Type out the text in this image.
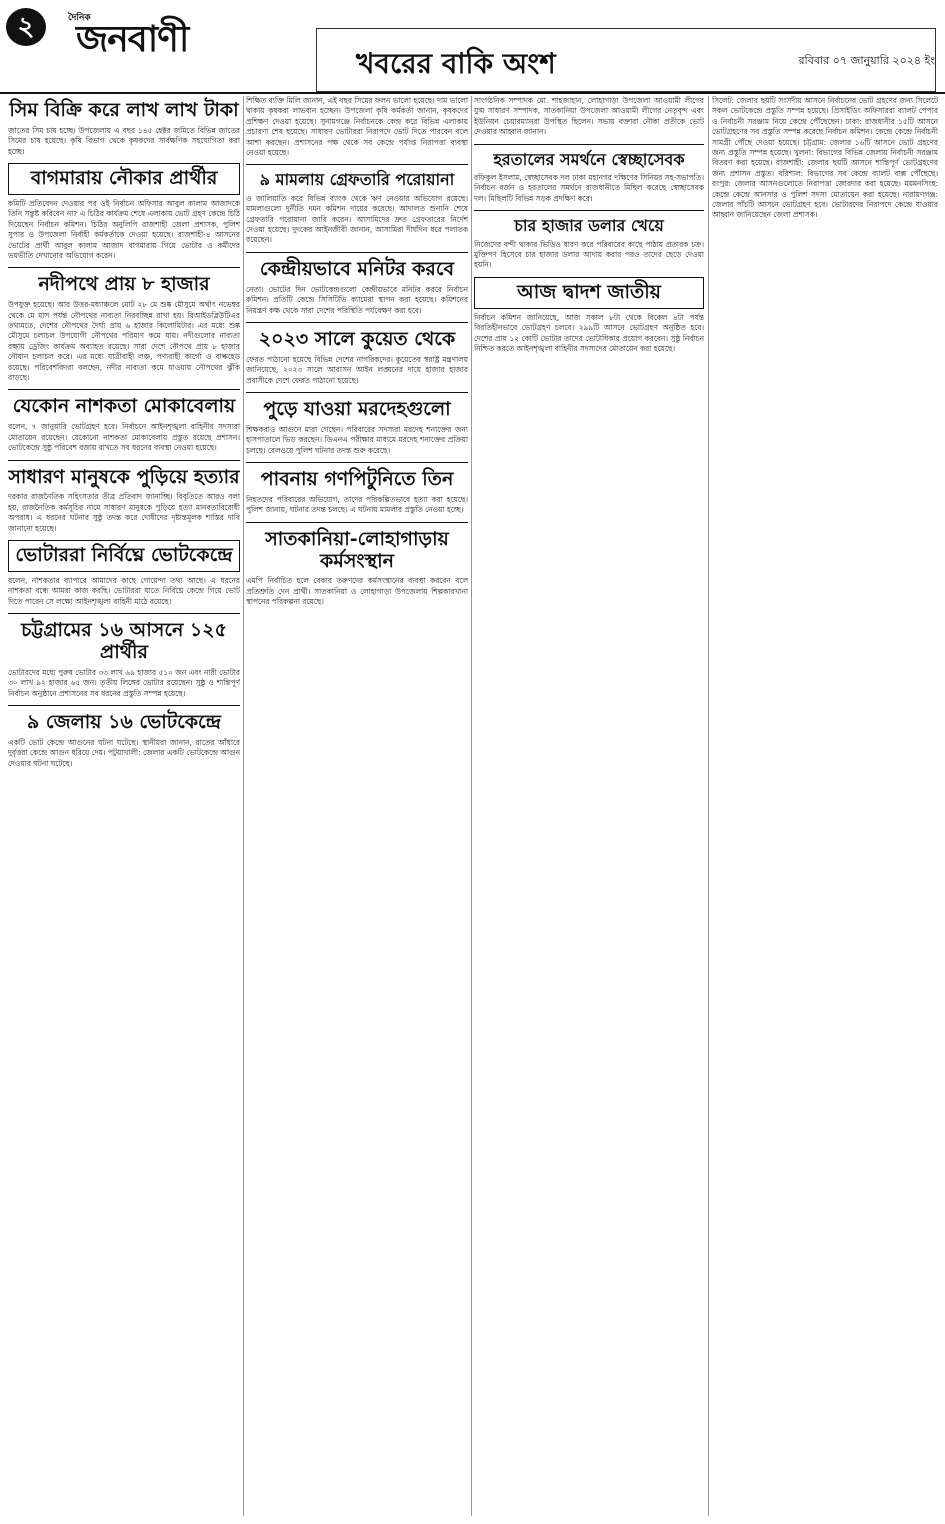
২	দৈনিক
জনবাণী
খবরের বাকি অংশ	রবিবার ০৭ জানুয়ারি ২০২৪ ইং
সিম বিক্রি করে লাখ লাখ টাকা
জাতের সিম চাষ হচ্ছে। উপজেলায় এ বছর ১৪৫ হেক্টর জমিতে বিভিন্ন জাতের সিমের চাষ হয়েছে। কৃষি বিভাগ থেকে কৃষকদের সার্বক্ষণিক সহযোগিতা করা হচ্ছে।
বাগমারায় নৌকার প্রার্থীর
কমিটি প্রতিবেদন দেওয়ার পর ওই নির্বাচন অফিসার আবুল কালাম আজাদকে তিনি সন্তুষ্ট করিবেন না? এ চিঠির কার্যক্রম শেষে এলাকায় ভোট গ্রহণ কেন্দ্রে চিঠি দিয়েছেন নির্বাচন কমিশন। চিঠির অনুলিপি রাজশাহী জেলা প্রশাসক, পুলিশ সুপার ও উপজেলা নির্বাহী কর্মকর্তাকে দেওয়া হয়েছে। রাজশাহী-৪ আসনের ভোটের প্রার্থী আবুল কালাম আজাদ বাগমারায় গিয়ে ভোটার ও কর্মীদের ভয়ভীতি দেখানোর অভিযোগ করেন।
নদীপথে প্রায় ৮ হাজার
উপযুক্ত হয়েছে। আর উত্তর-মধ্যাঞ্চলে মোট ২৮ মে শুষ্ক মৌসুমে অর্থাৎ নভেম্বর থেকে মে মাস পর্যন্ত নৌপথের নাব্যতা নিরবচ্ছিন্ন রাখা হয়। বিআইডব্লিউটিএর তথ্যমতে, দেশের নৌপথের দৈর্ঘ্য প্রায় ৬ হাজার কিলোমিটার। এর মধ্যে শুষ্ক মৌসুমে চলাচল উপযোগী নৌপথের পরিমাণ কমে যায়। নদীগুলোর নাব্যতা রক্ষায় ড্রেজিং কার্যক্রম অব্যাহত রয়েছে। সারা দেশে নৌপথে প্রায় ৮ হাজার নৌযান চলাচল করে। এর মধ্যে যাত্রীবাহী লঞ্চ, পণ্যবাহী কার্গো ও বাল্কহেড রয়েছে। পরিবেশবিদরা বলছেন, নদীর নাব্যতা কমে যাওয়ায় নৌপথের ঝুঁকি বাড়ছে।
যেকোন নাশকতা মোকাবেলায়
বলেন, ৭ জানুয়ারি ভোটগ্রহণ হবে। নির্বাচনে আইনশৃঙ্খলা বাহিনীর সদস্যরা মোতায়েন রয়েছেন। যেকোনো নাশকতা মোকাবেলায় প্রস্তুত রয়েছে প্রশাসন। ভোটকেন্দ্রে সুষ্ঠু পরিবেশ বজায় রাখতে সব ধরনের ব্যবস্থা নেওয়া হয়েছে।
সাধারণ মানুষকে পুড়িয়ে হত্যার
দরকার রাজনৈতিক সহিংসতার তীব্র প্রতিবাদ জানাচ্ছি। বিবৃতিতে আরও বলা হয়, রাজনৈতিক কর্মসূচির নামে সাধারণ মানুষকে পুড়িয়ে হত্যা মানবতাবিরোধী অপরাধ। এ ধরনের ঘটনার সুষ্ঠু তদন্ত করে দোষীদের দৃষ্টান্তমূলক শাস্তির দাবি জানানো হয়েছে।
ভোটাররা নির্বিঘ্নে ভোটকেন্দ্রে
বলেন, নাশকতার ব্যাপারে আমাদের কাছে গোয়েন্দা তথ্য আছে। এ ধরনের নাশকতা বন্ধে আমরা কাজ করছি। ভোটাররা যাতে নির্বিঘ্নে কেন্দ্রে গিয়ে ভোট দিতে পারেন সে লক্ষ্যে আইনশৃঙ্খলা বাহিনী মাঠে রয়েছে।
চট্টগ্রামের ১৬ আসনে ১২৫ প্রার্থীর
ভোটারদের মধ্যে পুরুষ ভোটার ৩৩ লাখ ৬৯ হাজার ৫১০ জন এবং নারী ভোটার ৩০ লাখ ৯২ হাজার ৬৫ জন। তৃতীয় লিঙ্গের ভোটার রয়েছেন। সুষ্ঠু ও শান্তিপূর্ণ নির্বাচন অনুষ্ঠানে প্রশাসনের সব ধরনের প্রস্তুতি সম্পন্ন হয়েছে।
৯ জেলায় ১৬ ভোটকেন্দ্রে
একটি ভোট কেন্দ্রে আগুনের ঘটনা ঘটেছে। স্থানীয়রা জানান, রাতের আঁধারে দুর্বৃত্তরা কেন্দ্রে আগুন ধরিয়ে দেয়। পটুয়াখালী: জেলার একটি ভোটকেন্দ্রে আগুন দেওয়ার ঘটনা ঘটেছে।
শিক্ষিত ব্যক্তি মিলি জানান, এই বছর সিমের ফলন ভালো হয়েছে। দাম ভালো থাকায় কৃষকরা লাভবান হচ্ছেন। উপজেলা কৃষি কর্মকর্তা জানান, কৃষকদের প্রশিক্ষণ দেওয়া হয়েছে। সুনামগঞ্জে নির্বাচনকে কেন্দ্র করে বিভিন্ন এলাকায় প্রচারণা শেষ হয়েছে। সাধারণ ভোটাররা নিরাপদে ভোট দিতে পারবেন বলে আশা করছেন। প্রশাসনের পক্ষ থেকে সব কেন্দ্রে পর্যাপ্ত নিরাপত্তা ব্যবস্থা নেওয়া হয়েছে।
৯ মামলায় গ্রেফতারি পরোয়ানা
ও জালিয়াতি করে বিভিন্ন ব্যাংক থেকে ঋণ নেওয়ার অভিযোগ রয়েছে। মামলাগুলো দুর্নীতি দমন কমিশন দায়ের করেছে। আদালত শুনানি শেষে গ্রেফতারি পরোয়ানা জারি করেন। আসামিদের দ্রুত গ্রেফতারের নির্দেশ দেওয়া হয়েছে। দুদকের আইনজীবী জানান, আসামিরা দীর্ঘদিন ধরে পলাতক রয়েছেন।
কেন্দ্রীয়ভাবে মনিটর করবে
নেতা। ভোটের দিন ভোটকেন্দ্রগুলো কেন্দ্রীয়ভাবে মনিটর করবে নির্বাচন কমিশন। প্রতিটি কেন্দ্রে সিসিটিভি ক্যামেরা স্থাপন করা হয়েছে। কমিশনের নিয়ন্ত্রণ কক্ষ থেকে সারা দেশের পরিস্থিতি পর্যবেক্ষণ করা হবে।
২০২৩ সালে কুয়েত থেকে
ফেরত পাঠানো হয়েছে বিভিন্ন দেশের নাগরিকদের। কুয়েতের স্বরাষ্ট্র মন্ত্রণালয় জানিয়েছে, ২০২৩ সালে আবাসন আইন লঙ্ঘনের দায়ে হাজার হাজার প্রবাসীকে দেশে ফেরত পাঠানো হয়েছে।
পুড়ে যাওয়া মরদেহগুলো
শিক্ষকরাও আগুনে মারা গেছেন। পরিবারের সদস্যরা মরদেহ শনাক্তের জন্য হাসপাতালে ভিড় করছেন। ডিএনএ পরীক্ষার মাধ্যমে মরদেহ শনাক্তের প্রক্রিয়া চলছে। রেলওয়ে পুলিশ ঘটনার তদন্ত শুরু করেছে।
পাবনায় গণপিটুনিতে তিন
নিহতদের পরিবারের অভিযোগ, তাদের পরিকল্পিতভাবে হত্যা করা হয়েছে। পুলিশ জানায়, ঘটনার তদন্ত চলছে। এ ঘটনায় মামলার প্রস্তুতি নেওয়া হচ্ছে।
সাতকানিয়া-লোহাগাড়ায় কর্মসংস্থান
এমপি নির্বাচিত হলে বেকার তরুণদের কর্মসংস্থানের ব্যবস্থা করবেন বলে প্রতিশ্রুতি দেন প্রার্থী। সাতকানিয়া ও লোহাগাড়া উপজেলায় শিল্পকারখানা স্থাপনের পরিকল্পনা রয়েছে।
সাংগঠনিক সম্পাদক মো. শাহজাহান, লোহাগাড়া উপজেলা আওয়ামী লীগের যুগ্ম সাধারণ সম্পাদক, সাতকানিয়া উপজেলা আওয়ামী লীগের নেতৃবৃন্দ এবং ইউনিয়ন চেয়ারম্যানরা উপস্থিত ছিলেন। সভায় বক্তারা নৌকা প্রতীকে ভোট দেওয়ার আহ্বান জানান।
হরতালের সমর্থনে স্বেচ্ছাসেবক
রফিকুল ইসলাম, স্বেচ্ছাসেবক দল ঢাকা মহানগর দক্ষিণের সিনিয়র সহ-সভাপতি। নির্বাচন বর্জন ও হরতালের সমর্থনে রাজধানীতে মিছিল করেছে স্বেচ্ছাসেবক দল। মিছিলটি বিভিন্ন সড়ক প্রদক্ষিণ করে।
চার হাজার ডলার খেয়ে
নিজেদের বন্দী থাকার ভিডিও ধারণ করে পরিবারের কাছে পাঠায় প্রতারক চক্র। মুক্তিপণ হিসেবে চার হাজার ডলার আদায় করার পরও তাদের ছেড়ে দেওয়া হয়নি।
আজ দ্বাদশ জাতীয়
নির্বাচন কমিশন জানিয়েছে, আজ সকাল ৮টা থেকে বিকেল ৪টা পর্যন্ত বিরতিহীনভাবে ভোটগ্রহণ চলবে। ২৯৯টি আসনে ভোটগ্রহণ অনুষ্ঠিত হবে। দেশের প্রায় ১২ কোটি ভোটার তাদের ভোটাধিকার প্রয়োগ করবেন। সুষ্ঠু নির্বাচন নিশ্চিত করতে আইনশৃঙ্খলা বাহিনীর সদস্যদের মোতায়েন করা হয়েছে।
সিলেট: জেলার ছয়টি সংসদীয় আসনে নির্বাচনের ভোট গ্রহণের জন্য সিলেটে সকল ভোটকেন্দ্রে প্রস্তুতি সম্পন্ন হয়েছে। প্রিসাইডিং অফিসাররা ব্যালট পেপার ও নির্বাচনী সরঞ্জাম নিয়ে কেন্দ্রে পৌঁছেছেন। ঢাকা: রাজধানীর ১৫টি আসনে ভোটগ্রহণের সব প্রস্তুতি সম্পন্ন করেছে নির্বাচন কমিশন। কেন্দ্রে কেন্দ্রে নির্বাচনী সামগ্রী পৌঁছে দেওয়া হয়েছে। চট্টগ্রাম: জেলার ১৬টি আসনে ভোট গ্রহণের জন্য প্রস্তুতি সম্পন্ন হয়েছে। খুলনা: বিভাগের বিভিন্ন জেলায় নির্বাচনী সরঞ্জাম বিতরণ করা হয়েছে। রাজশাহী: জেলার ছয়টি আসনে শান্তিপূর্ণ ভোটগ্রহণের জন্য প্রশাসন প্রস্তুত। বরিশাল: বিভাগের সব কেন্দ্রে ব্যালট বাক্স পৌঁছেছে। রংপুর: জেলার আসনগুলোতে নিরাপত্তা জোরদার করা হয়েছে। ময়মনসিংহ: কেন্দ্রে কেন্দ্রে আনসার ও পুলিশ সদস্য মোতায়েন করা হয়েছে। নারায়ণগঞ্জ: জেলার পাঁচটি আসনে ভোটগ্রহণ হবে। ভোটারদের নিরাপদে কেন্দ্রে যাওয়ার আহ্বান জানিয়েছেন জেলা প্রশাসক।
